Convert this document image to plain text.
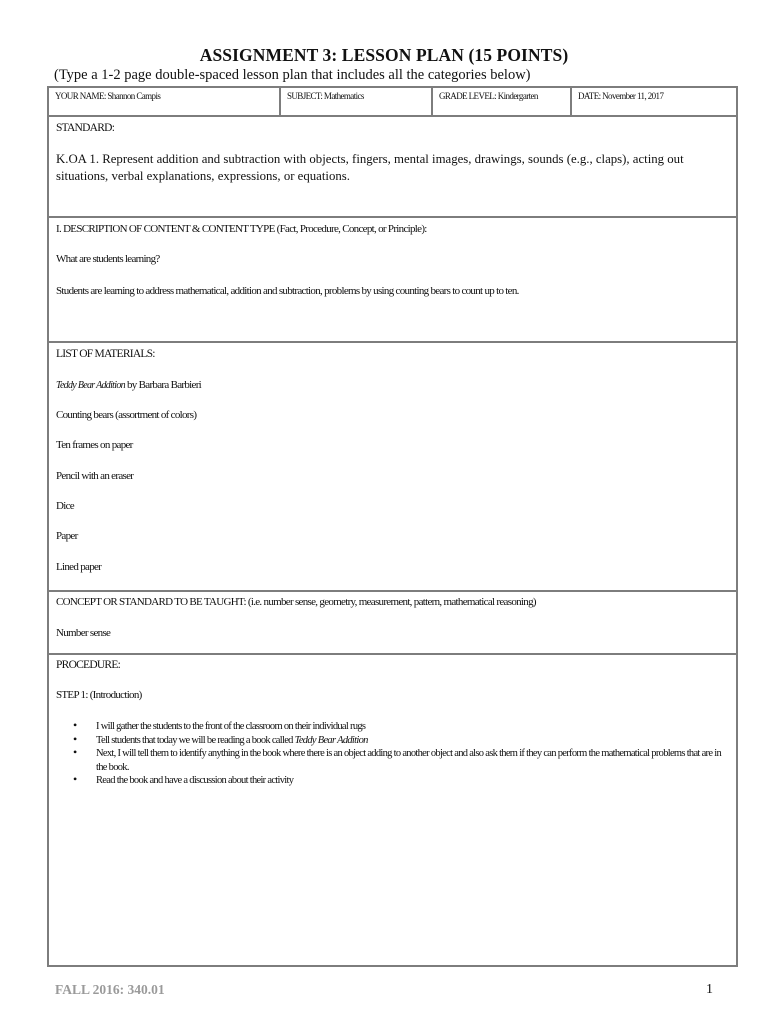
ASSIGNMENT 3: LESSON PLAN (15 POINTS)
(Type a 1-2 page double-spaced lesson plan that includes all the categories below)
YOUR NAME: Shannon Campis	SUBJECT: Mathematics	GRADE LEVEL: Kindergarten	DATE: November 11, 2017
STANDARD:
K.OA 1. Represent addition and subtraction with objects, fingers, mental images, drawings, sounds (e.g., claps), acting out situations, verbal explanations, expressions, or equations.
I. DESCRIPTION OF CONTENT & CONTENT TYPE (Fact, Procedure, Concept, or Principle):
What are students learning?
Students are learning to address mathematical, addition and subtraction, problems by using counting bears to count up to ten.
LIST OF MATERIALS:
Teddy Bear Addition by Barbara Barbieri
Counting bears (assortment of colors)
Ten frames on paper
Pencil with an eraser
Dice
Paper
Lined paper
CONCEPT OR STANDARD TO BE TAUGHT: (i.e. number sense, geometry, measurement, pattern, mathematical reasoning)
Number sense
PROCEDURE:
STEP 1: (Introduction)
• I will gather the students to the front of the classroom on their individual rugs
• Tell students that today we will be reading a book called Teddy Bear Addition
• Next, I will tell them to identify anything in the book where there is an object adding to another object and also ask them if they can perform the mathematical problems that are in the book.
• Read the book and have a discussion about their activity
FALL 2016: 340.01	1
